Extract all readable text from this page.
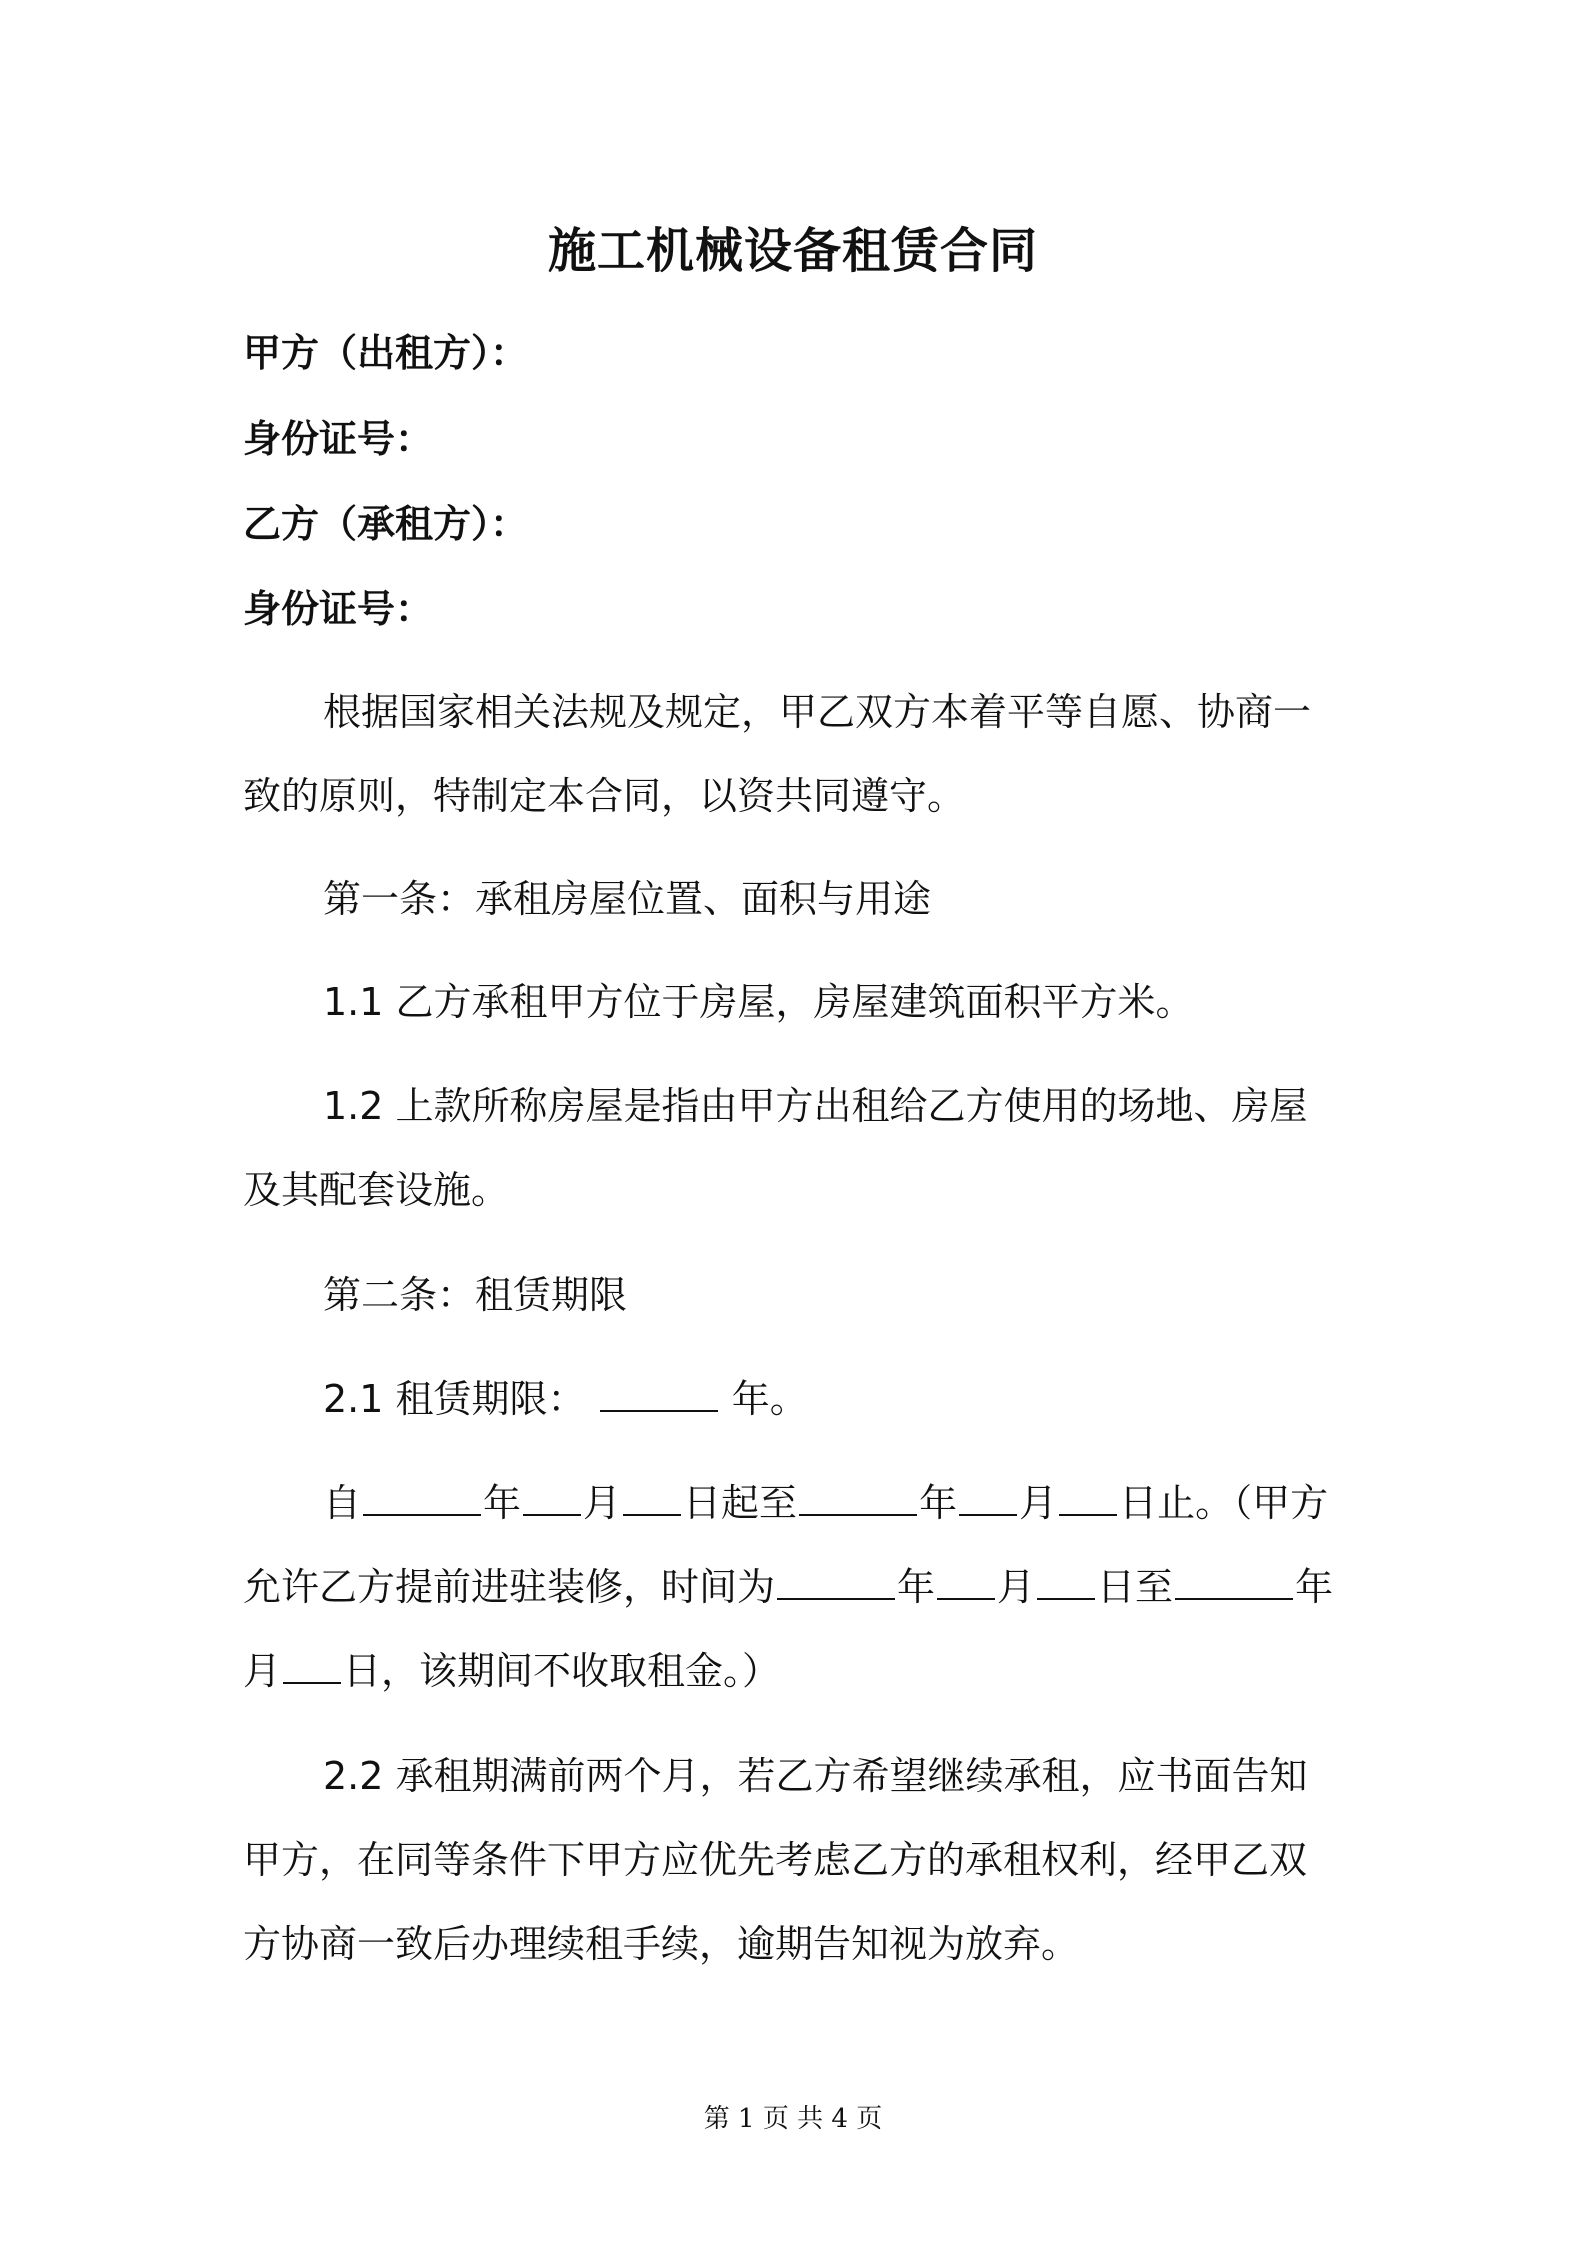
施工机械设备租赁合同
甲方（出租方）：
身份证号：
乙方（承租方）：
身份证号：
根据国家相关法规及规定，甲乙双方本着平等自愿、协商一
致的原则，特制定本合同，以资共同遵守。
第一条：承租房屋位置、面积与用途
1.1 乙方承租甲方位于房屋，房屋建筑面积平方米。
1.2 上款所称房屋是指由甲方出租给乙方使用的场地、房屋
及其配套设施。
第二条：租赁期限
2.1 租赁期限：	年。
自	年 月 日起至	年 月 日止。（甲方
允许乙方提前进驻装修，时间为	年 月 日至	年
月 日，该期间不收取租金。）
2.2 承租期满前两个月，若乙方希望继续承租，应书面告知
甲方，在同等条件下甲方应优先考虑乙方的承租权利，经甲乙双
方协商一致后办理续租手续，逾期告知视为放弃。
第 1 页 共 4 页
